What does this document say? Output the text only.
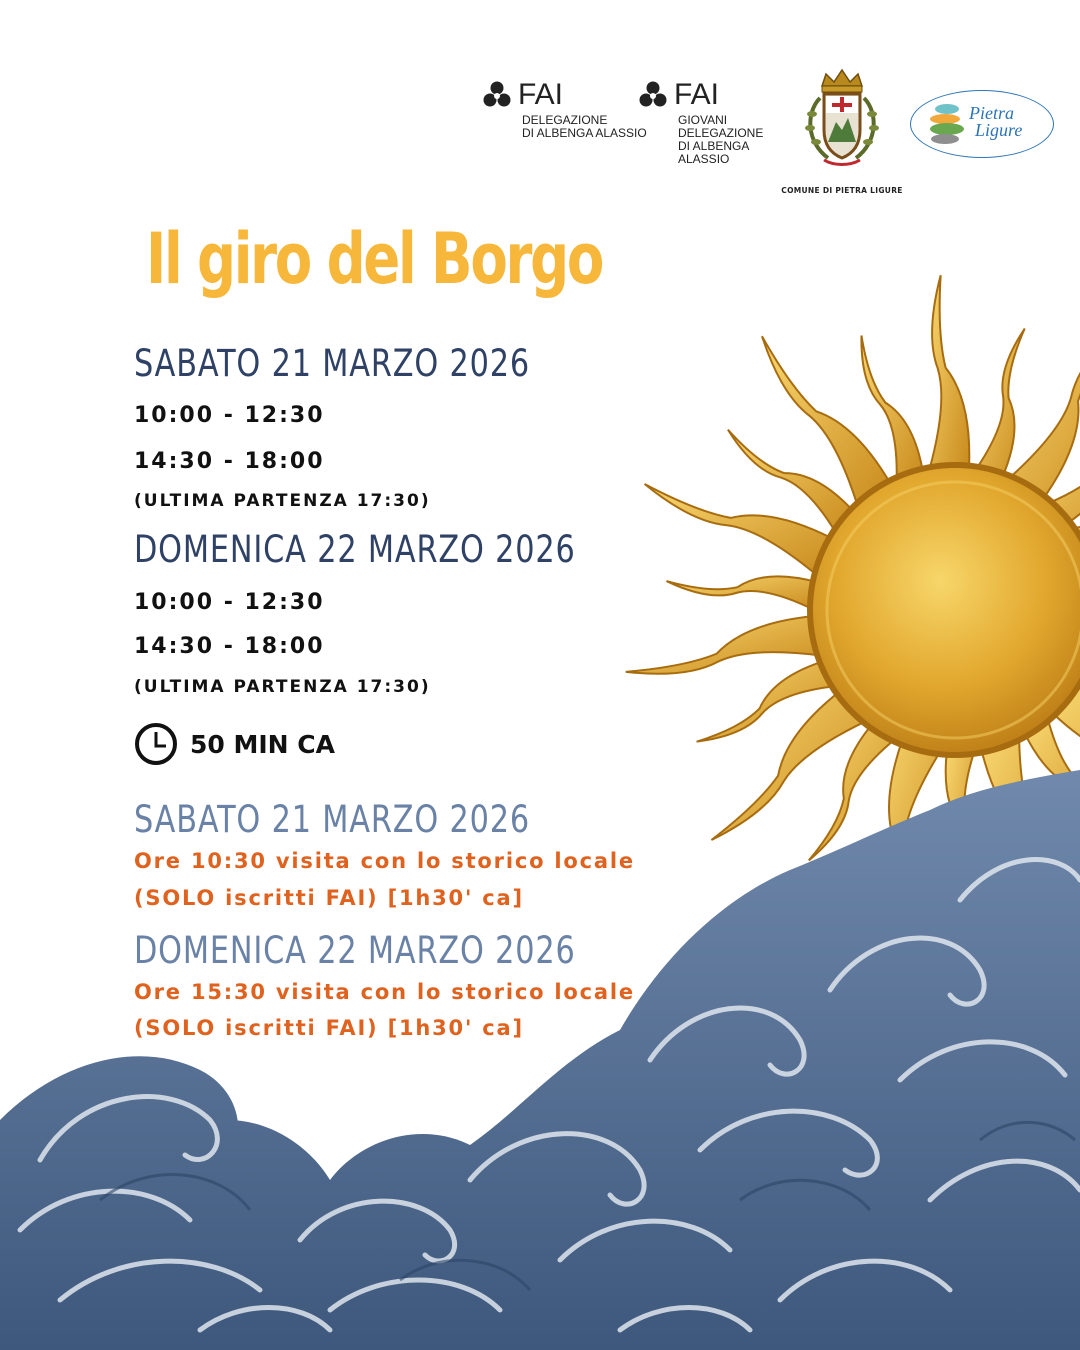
FAI
DELEGAZIONE
DI ALBENGA ALASSIO
FAI
GIOVANI
DELEGAZIONE
DI ALBENGA
ALASSIO
COMUNE DI PIETRA LIGURE
Pietra
Ligure
Il giro del Borgo
SABATO 21 MARZO 2026
10:00 - 12:30
14:30 - 18:00
(ULTIMA PARTENZA 17:30)
DOMENICA 22 MARZO 2026
10:00 - 12:30
14:30 - 18:00
(ULTIMA PARTENZA 17:30)
50 MIN CA
SABATO 21 MARZO 2026
Ore 10:30 visita con lo storico locale
(SOLO iscritti FAI) [1h30' ca]
DOMENICA 22 MARZO 2026
Ore 15:30 visita con lo storico locale
(SOLO iscritti FAI) [1h30' ca]
